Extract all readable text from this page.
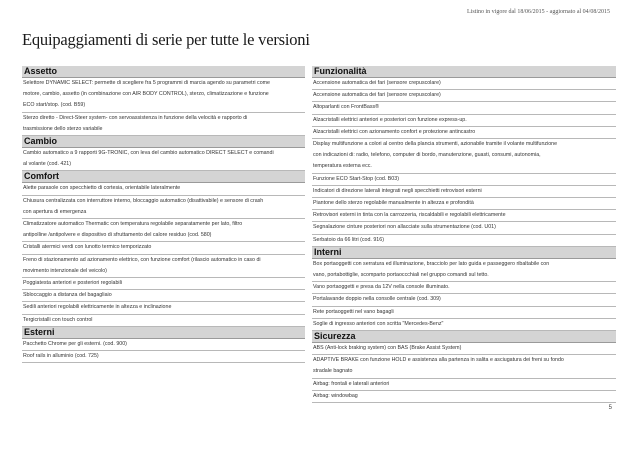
Listino in vigore dal 18/06/2015 - aggiornato al 04/08/2015
Equipaggiamenti di serie per tutte le versioni
Assetto
Selettore DYNAMIC SELECT: permette di scegliere fra 5 programmi di marcia agendo su parametri come
motore, cambio, assetto (in combinazione con AIR BODY CONTROL), sterzo, climatizzazione e funzione
ECO start/stop. (cod. B59)
Sterzo diretto - Direct-Steer system- con servoassistenza in funzione della velocità e rapporto di
trasmissione dello sterzo variabile
Cambio
Cambio automatico a 9 rapporti 9G-TRONIC, con leva del cambio automatico DIRECT SELECT e comandi
al volante (cod. 421)
Comfort
Alette parasole con specchietto di cortesia, orientabile lateralmente
Chiusura centralizzata con interruttore interno, bloccaggio automatico (disattivabile) e sensore di crash
con apertura di emergenza
Climatizzatore automatico Thermatic con temperatura regolabile separatamente per lato, filtro
antipolline /antipolvere e dispositivo di sfruttamento del calore residuo (cod. 580)
Cristalli atermici verdi con lunotto termico temporizzato
Freno di stazionamento ad azionamento elettrico, con funzione comfort (rilascio automatico in caso di
movimento intenzionale del veicolo)
Poggiatesta anteriori e posteriori regolabili
Sbloccaggio a distanza del bagagliaio
Sedili anteriori regolabili elettricamente in altezza e inclinazione
Tergicristalli con touch control
Esterni
Pacchetto Chrome per gli esterni. (cod. 900)
Roof rails in alluminio (cod. 725)
Funzionalità
Accensione automatica dei fari (sensore crepuscolare)
Accensione automatica dei fari (sensore crepuscolare)
Altoparlanti con FrontBass®
Alzacristalli elettrici anteriori e posteriori con funzione express-up.
Alzacristalli elettrici con azionamento confort e protezione antincastro
Display multifunzione a colori al centro della plancia strumenti, azionabile tramite il volante multifunzione
con indicazioni di: radio, telefono, computer di bordo, manutenzione, guasti, consumi, autonomia,
temperatura esterna ecc.
Funzione ECO Start-Stop (cod. B03)
Indicatori di direzione laterali integrati negli specchietti retrovisori esterni
Piantone dello sterzo regolabile manualmente in altezza e profondità
Retrovisori esterni in tinta con la carrozzeria, riscaldabili e regolabili elettricamente
Segnalazione cinture posteriori non allacciate sulla strumentazione (cod. U01)
Serbatoio da 66 litri (cod. 916)
Interni
Box portaoggetti con serratura ed illuminazione, bracciolo per lato guida e passeggero ribaltabile con
vano, portabottiglie, scomparto portaoccchiali nel gruppo comandi sul tetto.
Vano portaoggetti e presa da 12V nella console illuminato.
Portalavande doppio nella consolle centrale (cod. 309)
Rete portaoggetti nel vano bagagli
Soglie di ingresso anteriori con scritta "Mercedes-Benz"
Sicurezza
ABS (Anti-lock braking system) con BAS (Brake Assist System)
ADAPTIVE BRAKE con funzione HOLD e assistenza alla partenza in salita e asciugatura dei freni su fondo
stradale bagnato
Airbag: frontali e laterali anteriori
Airbag: windowbag
5
